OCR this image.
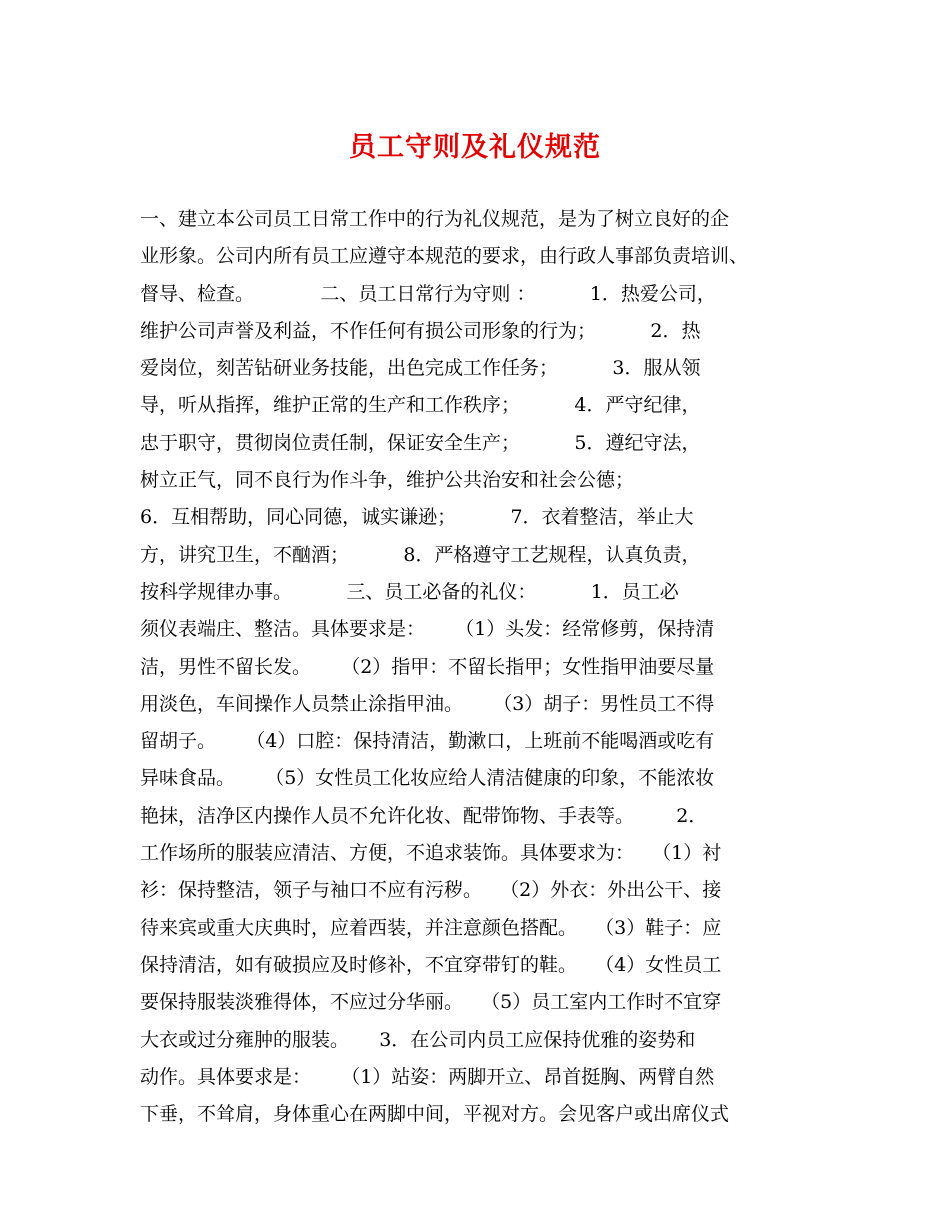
员工守则及礼仪规范
一、建立本公司员工日常工作中的行为礼仪规范，是为了树立良好的企
业形象。公司内所有员工应遵守本规范的要求，由行政人事部负责培训、
督导、检查。           二、员工日常行为守则 ：         1．热爱公司，
维护公司声誉及利益，不作任何有损公司形象的行为；         2．热
爱岗位，刻苦钻研业务技能，出色完成工作任务；         3．服从领
导，听从指挥，维护正常的生产和工作秩序；         4．严守纪律，
忠于职守，贯彻岗位责任制，保证安全生产；         5．遵纪守法，
树立正气，同不良行为作斗争，维护公共治安和社会公德；
6．互相帮助，同心同德，诚实谦逊；         7．衣着整洁，举止大
方，讲究卫生，不酗酒；         8．严格遵守工艺规程，认真负责，
按科学规律办事。         三、员工必备的礼仪：         1．员工必
须仪表端庄、整洁。具体要求是：     （1）头发：经常修剪，保持清
洁，男性不留长发。     （2）指甲：不留长指甲；女性指甲油要尽量
用淡色，车间操作人员禁止涂指甲油。     （3）胡子：男性员工不得
留胡子。     （4）口腔：保持清洁，勤漱口，上班前不能喝酒或吃有
异味食品。     （5）女性员工化妆应给人清洁健康的印象，不能浓妆
艳抹，洁净区内操作人员不允许化妆、配带饰物、手表等。       2．
工作场所的服装应清洁、方便，不追求装饰。具体要求为：   （1）衬
衫：保持整洁，领子与袖口不应有污秽。   （2）外衣：外出公干、接
待来宾或重大庆典时，应着西装，并注意颜色搭配。   （3）鞋子：应
保持清洁，如有破损应及时修补，不宜穿带钉的鞋。   （4）女性员工
要保持服装淡雅得体，不应过分华丽。   （5）员工室内工作时不宜穿
大衣或过分雍肿的服装。     3．在公司内员工应保持优雅的姿势和
动作。具体要求是：     （1）站姿：两脚开立、昂首挺胸、两臂自然
下垂，不耸肩，身体重心在两脚中间，平视对方。会见客户或出席仪式
